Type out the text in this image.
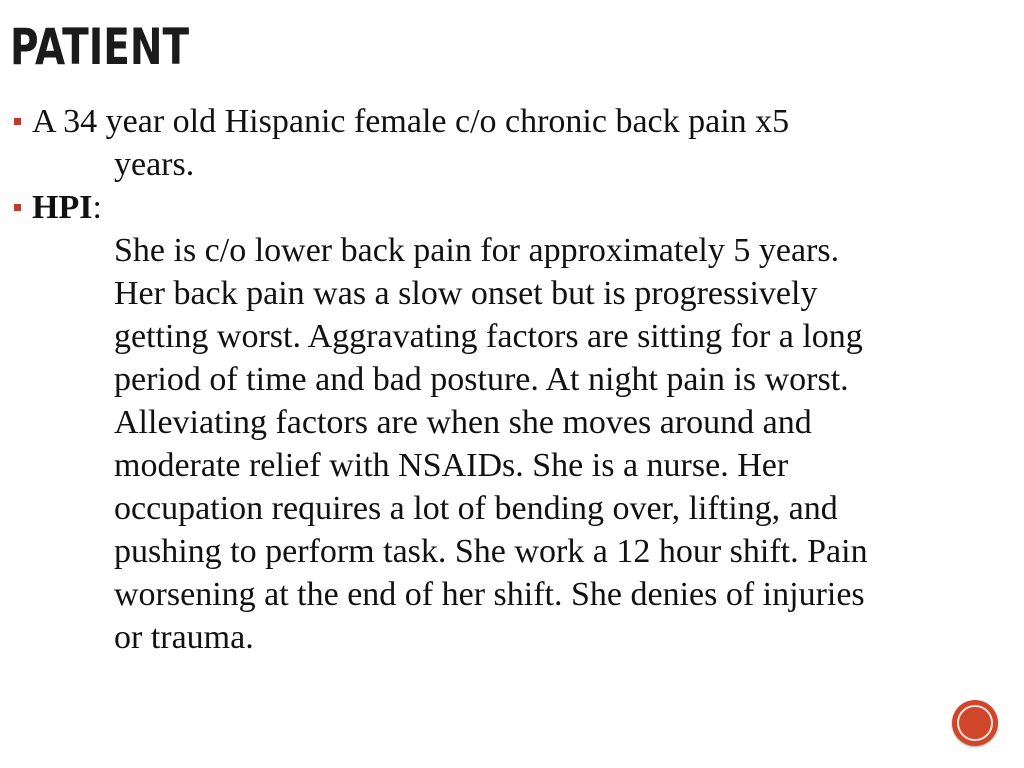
PATIENT
A 34 year old Hispanic female c/o chronic back pain x5
years.
HPI:
She is c/o lower back pain for approximately 5 years.
Her back pain was a slow onset but is progressively
getting worst. Aggravating factors are sitting for a long
period of time and bad posture. At night pain is worst.
Alleviating factors are when she moves around and
moderate relief with NSAIDs. She is a nurse. Her
occupation requires a lot of bending over, lifting, and
pushing to perform task. She work a 12 hour shift. Pain
worsening at the end of her shift. She denies of injuries
or trauma.
